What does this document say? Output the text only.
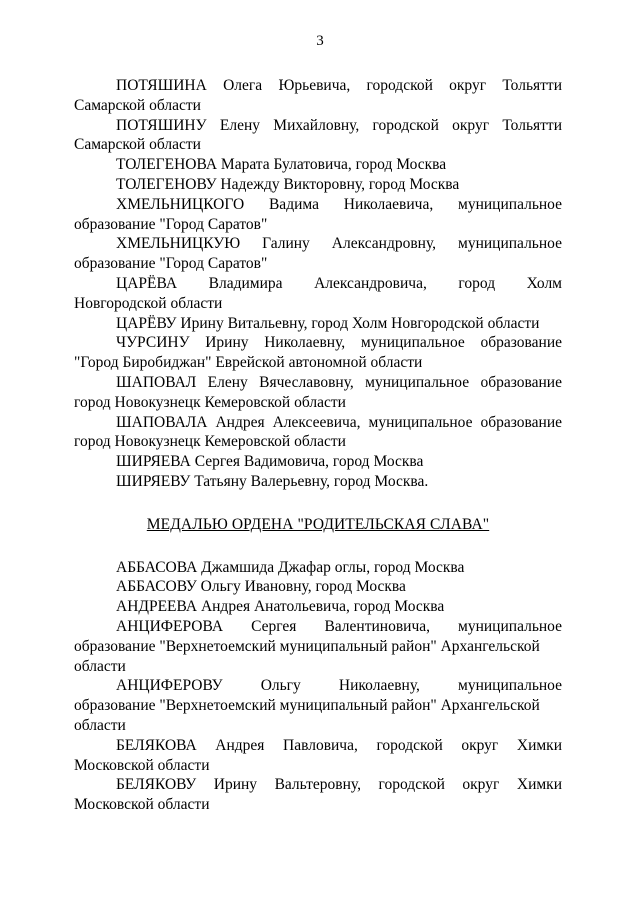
3
ПОТЯШИНА Олега Юрьевича, городской округ Тольятти
Самарской области
ПОТЯШИНУ Елену Михайловну, городской округ Тольятти
Самарской области
ТОЛЕГЕНОВА Марата Булатовича, город Москва
ТОЛЕГЕНОВУ Надежду Викторовну, город Москва
ХМЕЛЬНИЦКОГО Вадима Николаевича, муниципальное
образование "Город Саратов"
ХМЕЛЬНИЦКУЮ Галину Александровну, муниципальное
образование "Город Саратов"
ЦАРЁВА Владимира Александровича, город Холм
Новгородской области
ЦАРЁВУ Ирину Витальевну, город Холм Новгородской области
ЧУРСИНУ Ирину Николаевну, муниципальное образование
"Город Биробиджан" Еврейской автономной области
ШАПОВАЛ Елену Вячеславовну, муниципальное образование
город Новокузнецк Кемеровской области
ШАПОВАЛА Андрея Алексеевича, муниципальное образование
город Новокузнецк Кемеровской области
ШИРЯЕВА Сергея Вадимовича, город Москва
ШИРЯЕВУ Татьяну Валерьевну, город Москва.
МЕДАЛЬЮ ОРДЕНА "РОДИТЕЛЬСКАЯ СЛАВА"
АББАСОВА Джамшида Джафар оглы, город Москва
АББАСОВУ Ольгу Ивановну, город Москва
АНДРЕЕВА Андрея Анатольевича, город Москва
АНЦИФЕРОВА Сергея Валентиновича, муниципальное
образование "Верхнетоемский муниципальный район" Архангельской
области
АНЦИФЕРОВУ Ольгу Николаевну, муниципальное
образование "Верхнетоемский муниципальный район" Архангельской
области
БЕЛЯКОВА Андрея Павловича, городской округ Химки
Московской области
БЕЛЯКОВУ Ирину Вальтеровну, городской округ Химки
Московской области
